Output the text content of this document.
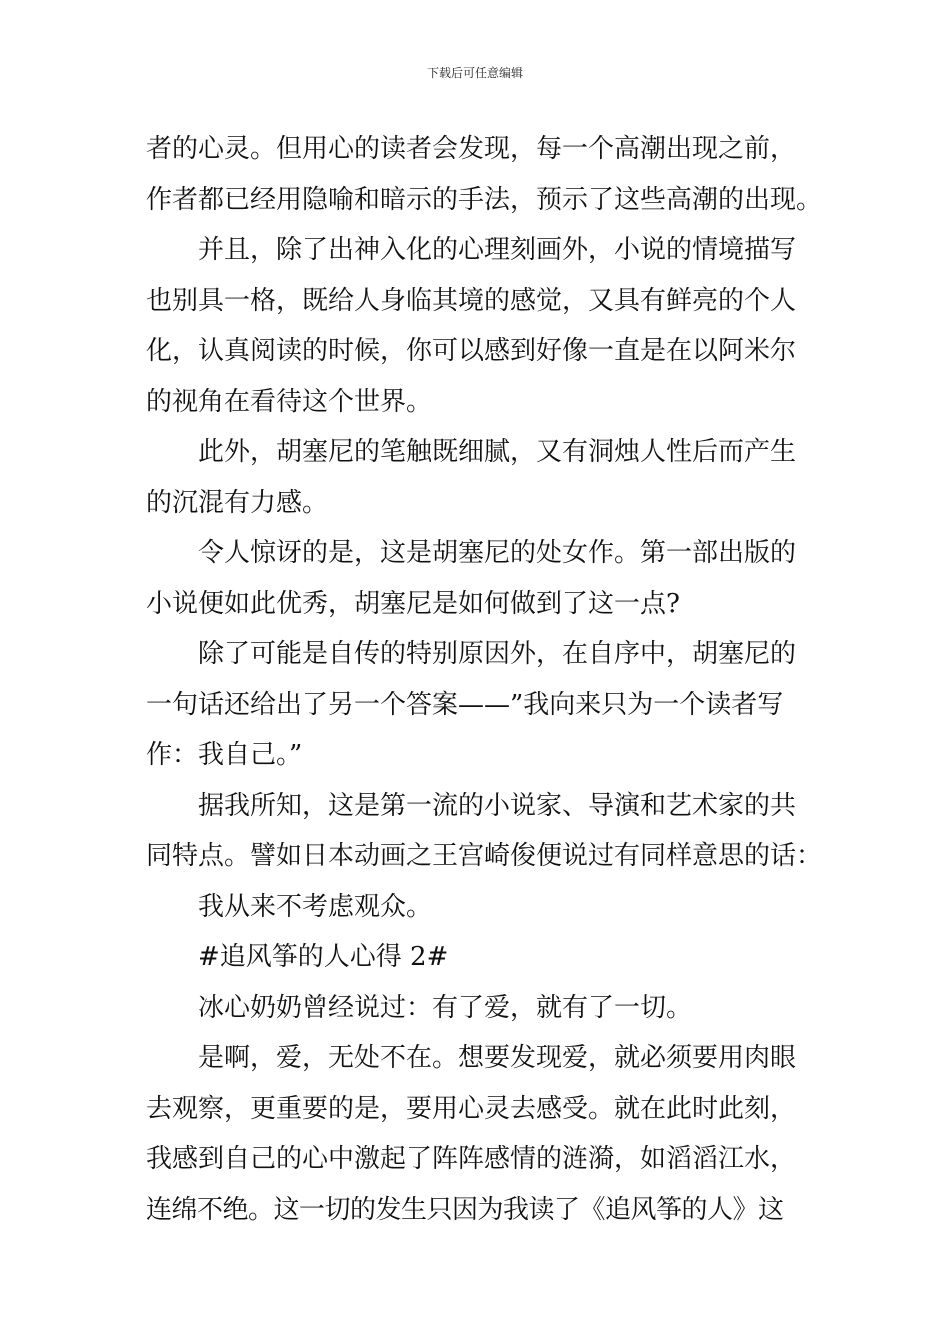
下载后可任意编辑
者的心灵。但用心的读者会发现，每一个高潮出现之前，
作者都已经用隐喻和暗示的手法，预示了这些高潮的出现。
并且，除了出神入化的心理刻画外，小说的情境描写
也别具一格，既给人身临其境的感觉，又具有鲜亮的个人
化，认真阅读的时候，你可以感到好像一直是在以阿米尔
的视角在看待这个世界。
此外，胡塞尼的笔触既细腻，又有洞烛人性后而产生
的沉混有力感。
令人惊讶的是，这是胡塞尼的处女作。第一部出版的
小说便如此优秀，胡塞尼是如何做到了这一点?
除了可能是自传的特别原因外，在自序中，胡塞尼的
一句话还给出了另一个答案——”我向来只为一个读者写
作：我自己。”
据我所知，这是第一流的小说家、导演和艺术家的共
同特点。譬如日本动画之王宫崎俊便说过有同样意思的话：
我从来不考虑观众。
#追风筝的人心得 2#
冰心奶奶曾经说过：有了爱，就有了一切。
是啊，爱，无处不在。想要发现爱，就必须要用肉眼
去观察，更重要的是，要用心灵去感受。就在此时此刻，
我感到自己的心中激起了阵阵感情的涟漪，如滔滔江水，
连绵不绝。这一切的发生只因为我读了《追风筝的人》这
